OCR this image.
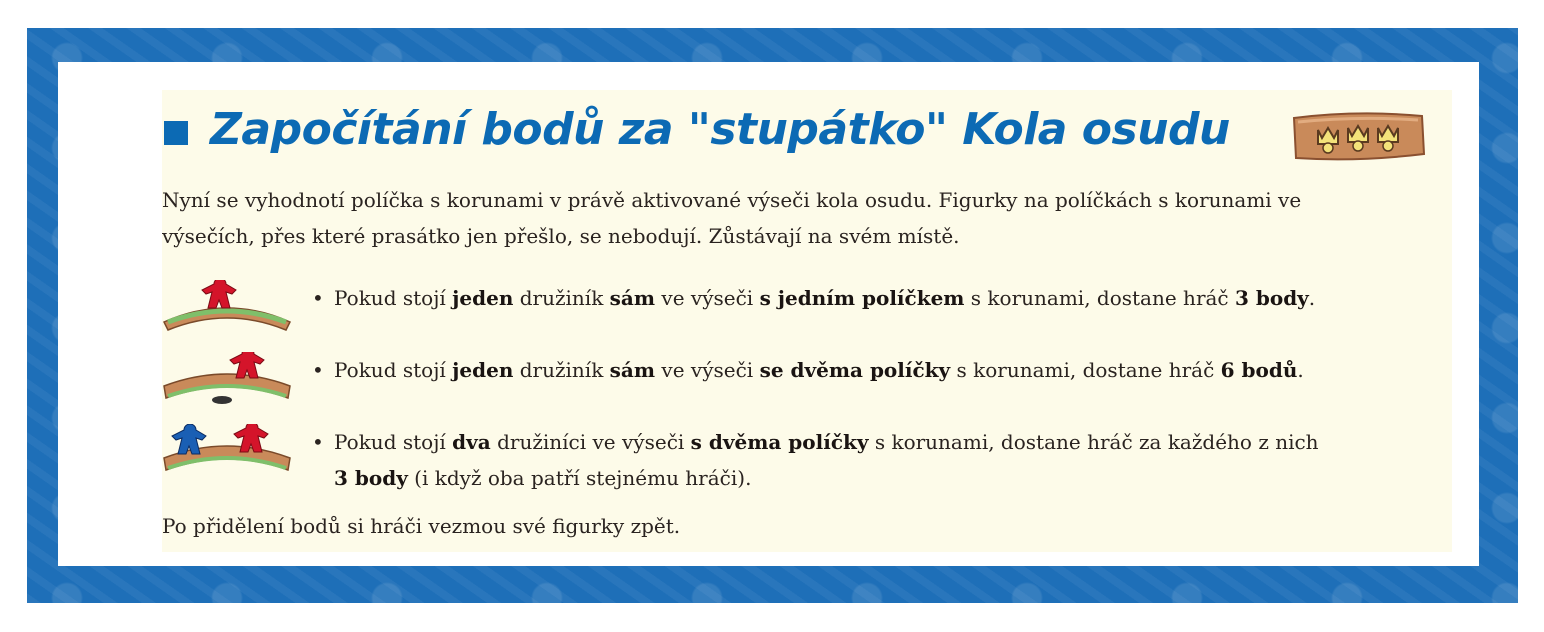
Započítání bodů za "stupátko" Kola osudu

Nyní se vyhodnotí políčka s korunami v právě aktivované výseči kola osudu. Figurky na políčkách s korunami ve
výsečích, přes které prasátko jen přešlo, se nebodují. Zůstávají na svém místě.

• Pokud stojí jeden družiník sám ve výseči s jedním políčkem s korunami, dostane hráč 3 body.
• Pokud stojí jeden družiník sám ve výseči se dvěma políčky s korunami, dostane hráč 6 bodů.
• Pokud stojí dva družiníci ve výseči s dvěma políčky s korunami, dostane hráč za každého z nich
3 body (i když oba patří stejnému hráči).

Po přidělení bodů si hráči vezmou své figurky zpět.
